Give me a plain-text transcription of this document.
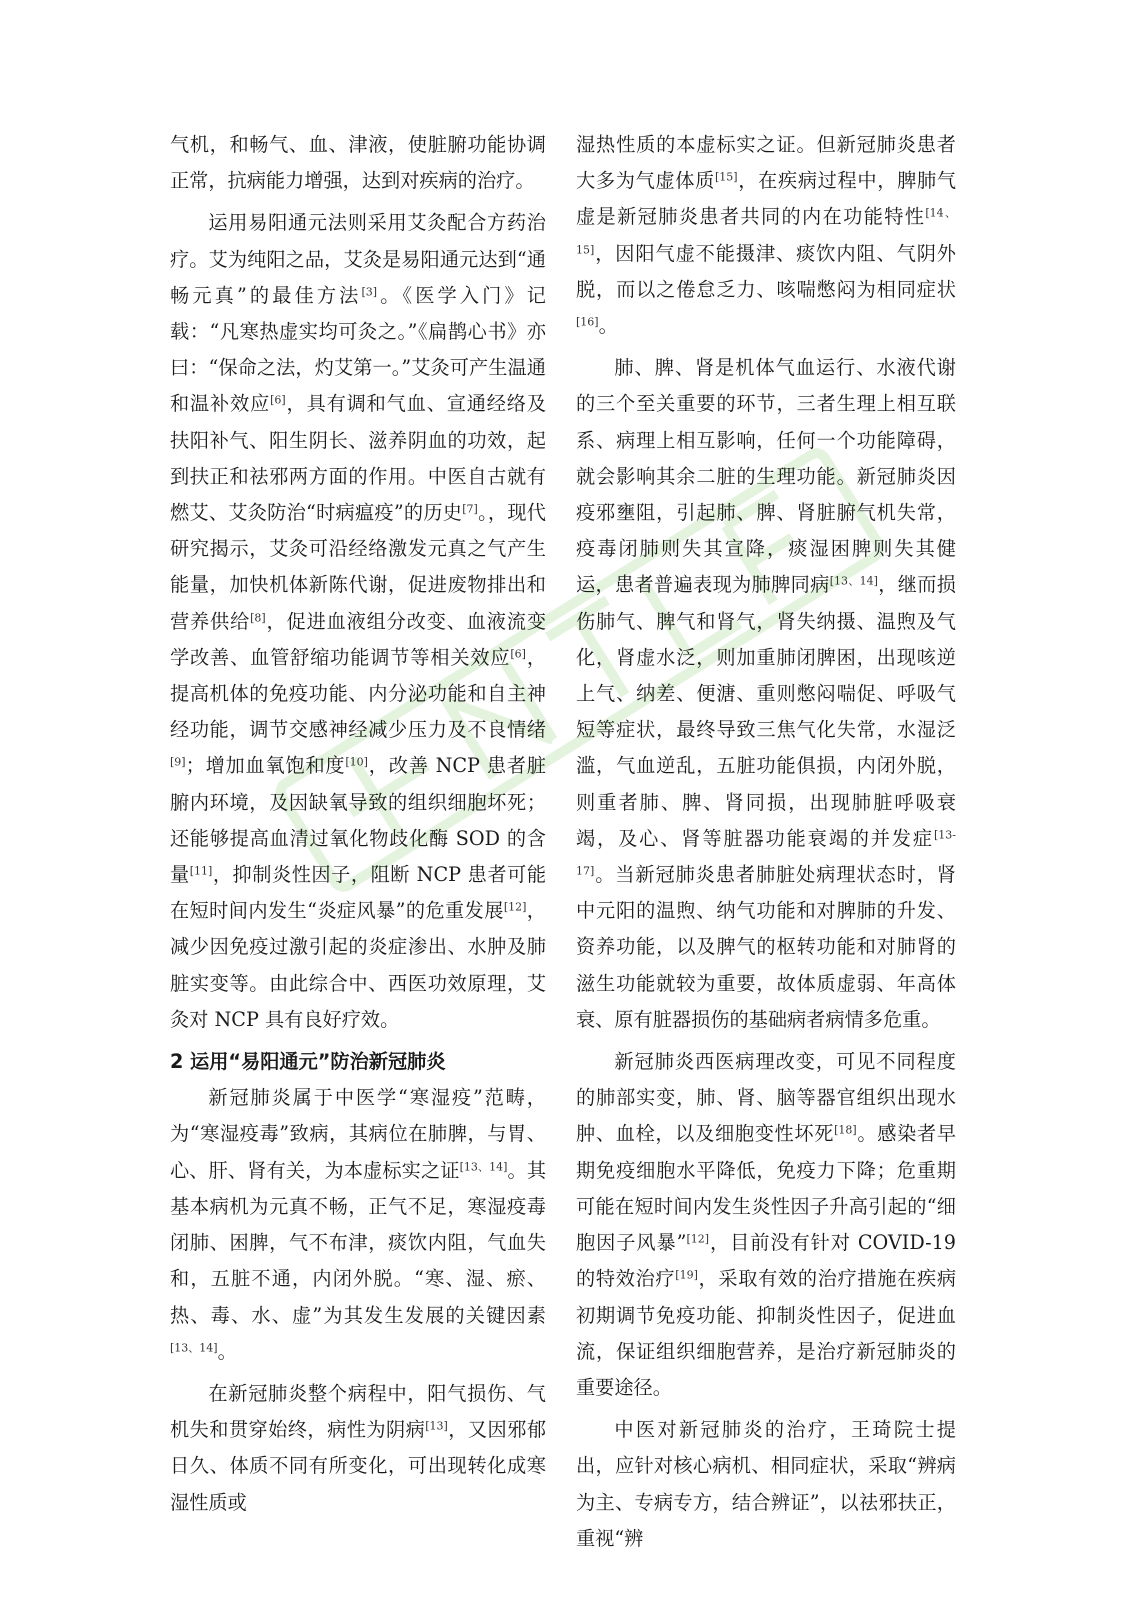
气机，和畅气、血、津液，使脏腑功能协调正常，抗病能力增强，达到对疾病的治疗。

运用易阳通元法则采用艾灸配合方药治疗。艾为纯阳之品，艾灸是易阳通元达到“通畅元真”的最佳方法[3]。《医学入门》记载：“凡寒热虚实均可灸之。”《扁鹊心书》亦曰：“保命之法，灼艾第一。”艾灸可产生温通和温补效应[6]，具有调和气血、宣通经络及扶阳补气、阳生阴长、滋养阴血的功效，起到扶正和祛邪两方面的作用。中医自古就有燃艾、艾灸防治“时病瘟疫”的历史[7]。，现代研究揭示，艾灸可沿经络激发元真之气产生能量，加快机体新陈代谢，促进废物排出和营养供给[8]，促进血液组分改变、血液流变学改善、血管舒缩功能调节等相关效应[6]，提高机体的免疫功能、内分泌功能和自主神经功能，调节交感神经减少压力及不良情绪[9]；增加血氧饱和度[10]，改善 NCP 患者脏腑内环境，及因缺氧导致的组织细胞坏死；还能够提高血清过氧化物歧化酶 SOD 的含量[11]，抑制炎性因子，阻断 NCP 患者可能在短时间内发生“炎症风暴”的危重发展[12]，减少因免疫过激引起的炎症渗出、水肿及肺脏实变等。由此综合中、西医功效原理，艾灸对 NCP 具有良好疗效。

2 运用“易阳通元”防治新冠肺炎

新冠肺炎属于中医学“寒湿疫”范畴，为“寒湿疫毒”致病，其病位在肺脾，与胃、心、肝、肾有关，为本虚标实之证[13、14]。其基本病机为元真不畅，正气不足，寒湿疫毒闭肺、困脾，气不布津，痰饮内阻，气血失和，五脏不通，内闭外脱。“寒、湿、瘀、热、毒、水、虚”为其发生发展的关键因素[13、14]。

在新冠肺炎整个病程中，阳气损伤、气机失和贯穿始终，病性为阴病[13]，又因邪郁日久、体质不同有所变化，可出现转化成寒湿性质或

湿热性质的本虚标实之证。但新冠肺炎患者大多为气虚体质[15]，在疾病过程中，脾肺气虚是新冠肺炎患者共同的内在功能特性[14、15]，因阳气虚不能摄津、痰饮内阻、气阴外脱，而以之倦怠乏力、咳喘憋闷为相同症状[16]。

肺、脾、肾是机体气血运行、水液代谢的三个至关重要的环节，三者生理上相互联系、病理上相互影响，任何一个功能障碍，就会影响其余二脏的生理功能。新冠肺炎因疫邪壅阻，引起肺、脾、肾脏腑气机失常，疫毒闭肺则失其宣降，痰湿困脾则失其健运，患者普遍表现为肺脾同病[13、14]，继而损伤肺气、脾气和肾气，肾失纳摄、温煦及气化，肾虚水泛，则加重肺闭脾困，出现咳逆上气、纳差、便溏、重则憋闷喘促、呼吸气短等症状，最终导致三焦气化失常，水湿泛滥，气血逆乱，五脏功能俱损，内闭外脱，则重者肺、脾、肾同损，出现肺脏呼吸衰竭，及心、肾等脏器功能衰竭的并发症[13-17]。当新冠肺炎患者肺脏处病理状态时，肾中元阳的温煦、纳气功能和对脾肺的升发、资养功能，以及脾气的枢转功能和对肺肾的滋生功能就较为重要，故体质虚弱、年高体衰、原有脏器损伤的基础病者病情多危重。

新冠肺炎西医病理改变，可见不同程度的肺部实变，肺、肾、脑等器官组织出现水肿、血栓，以及细胞变性坏死[18]。感染者早期免疫细胞水平降低，免疫力下降；危重期可能在短时间内发生炎性因子升高引起的“细胞因子风暴”[12]，目前没有针对 COVID-19 的特效治疗[19]，采取有效的治疗措施在疾病初期调节免疫功能、抑制炎性因子，促进血流，保证组织细胞营养，是治疗新冠肺炎的重要途径。

中医对新冠肺炎的治疗，王琦院士提出，应针对核心病机、相同症状，采取“辨病为主、专病专方，结合辨证”，以祛邪扶正，重视“辨
